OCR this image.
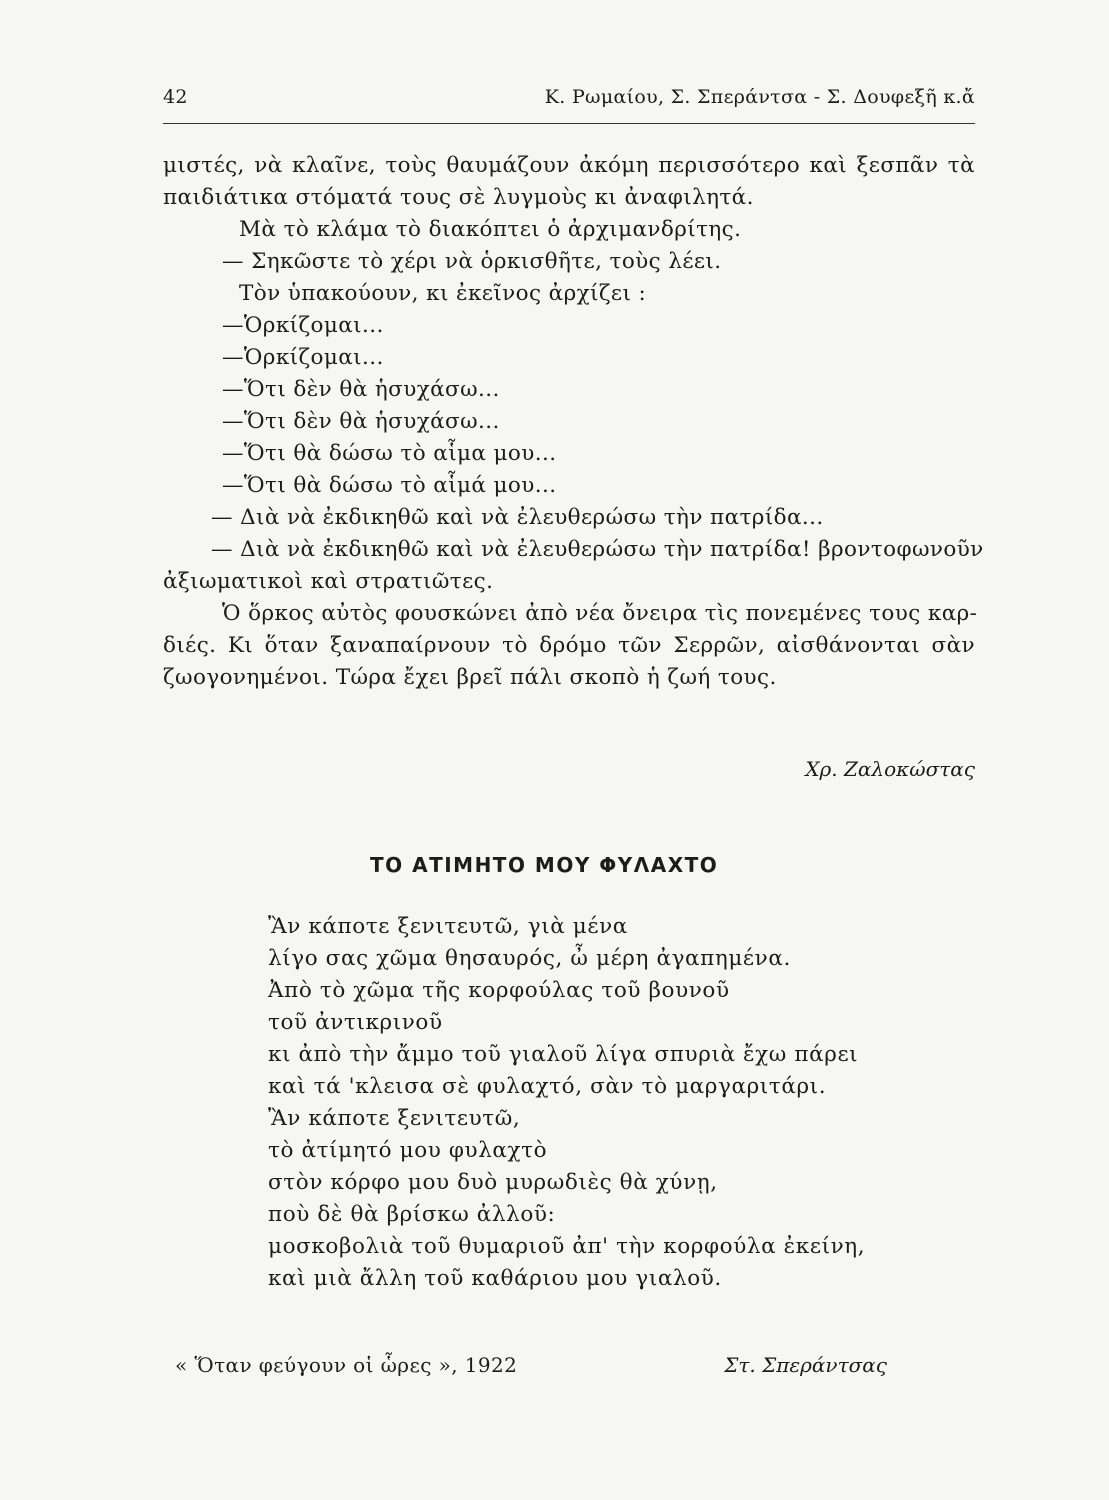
42	Κ. Ρωμαίου, Σ. Σπεράντσα - Σ. Δουφεξῆ κ.ἄ
μιστές, νὰ κλαῖνε, τοὺς θαυμάζουν ἀκόμη περισσότερο καὶ ξεσπᾶν τὰ
παιδιάτικα στόματά τους σὲ λυγμοὺς κι ἀναφιλητά.
Μὰ τὸ κλάμα τὸ διακόπτει ὁ ἀρχιμανδρίτης.
— Σηκῶστε τὸ χέρι νὰ ὁρκισθῆτε, τοὺς λέει.
Τὸν ὑπακούουν, κι ἐκεῖνος ἀρχίζει :
—Ὁρκίζομαι...
—Ὁρκίζομαι...
—Ὅτι δὲν θὰ ἡσυχάσω...
—Ὅτι δὲν θὰ ἡσυχάσω...
—Ὅτι θὰ δώσω τὸ αἷμα μου...
—Ὅτι θὰ δώσω τὸ αἷμά μου...
— Διὰ νὰ ἐκδικηθῶ καὶ νὰ ἐλευθερώσω τὴν πατρίδα...
— Διὰ νὰ ἐκδικηθῶ καὶ νὰ ἐλευθερώσω τὴν πατρίδα! βροντοφωνοῦν
ἀξιωματικοὶ καὶ στρατιῶτες.
Ὁ ὅρκος αὐτὸς φουσκώνει ἀπὸ νέα ὄνειρα τὶς πονεμένες τους καρ-
διές. Κι ὅταν ξαναπαίρνουν τὸ δρόμο τῶν Σερρῶν, αἰσθάνονται σὰν
ζωογονημένοι. Τώρα ἔχει βρεῖ πάλι σκοπὸ ἡ ζωή τους.
Χρ. Ζαλοκώστας
ΤΟ ΑΤΙΜΗΤΟ ΜΟΥ ΦΥΛΑΧΤΟ
Ἂν κάποτε ξενιτευτῶ, γιὰ μένα
λίγο σας χῶμα θησαυρός, ὦ μέρη ἀγαπημένα.
Ἀπὸ τὸ χῶμα τῆς κορφούλας τοῦ βουνοῦ
τοῦ ἀντικρινοῦ
κι ἀπὸ τὴν ἄμμο τοῦ γιαλοῦ λίγα σπυριὰ ἔχω πάρει
καὶ τά 'κλεισα σὲ φυλαχτό, σὰν τὸ μαργαριτάρι.
Ἂν κάποτε ξενιτευτῶ,
τὸ ἀτίμητό μου φυλαχτὸ
στὸν κόρφο μου δυὸ μυρωδιὲς θὰ χύνῃ,
ποὺ δὲ θὰ βρίσκω ἀλλοῦ:
μοσκοβολιὰ τοῦ θυμαριοῦ ἀπ' τὴν κορφούλα ἐκείνη,
καὶ μιὰ ἄλλη τοῦ καθάριου μου γιαλοῦ.
« Ὅταν φεύγουν οἱ ὧρες », 1922	Στ. Σπεράντσας
